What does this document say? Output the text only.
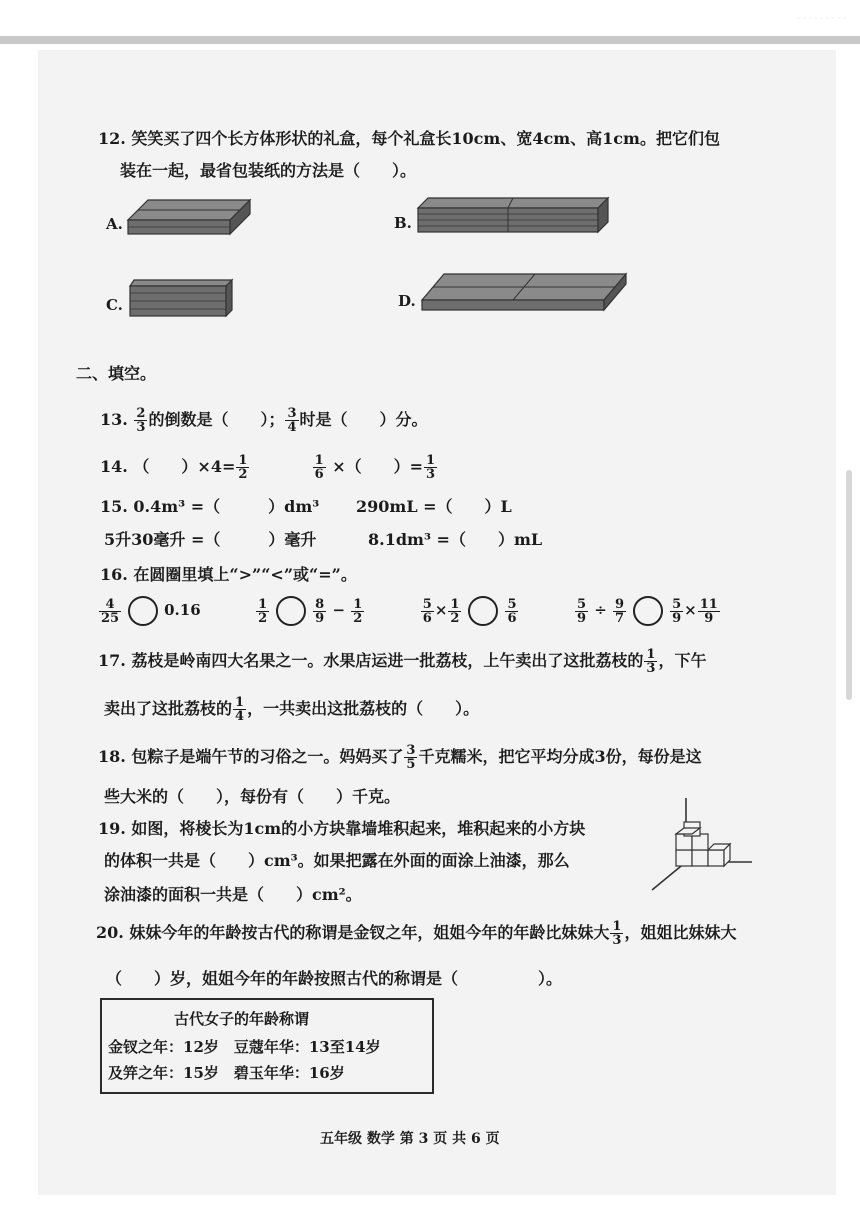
· · · · · · · · ·
12. 笑笑买了四个长方体形状的礼盒，每个礼盒长10cm、宽4cm、高1cm。把它们包
装在一起，最省包装纸的方法是（　　）。
A.	B.
C.	D.
二、填空。
13. $\frac{2}{3}$ 的倒数是（　　）； $\frac{3}{4}$ 时是（　　）分。
14. （　　）$\times 4= \frac{1}{2}$
	$\frac{1}{6}$ ×（　　）= $\frac{1}{3}$
15. 0.4m³ =（　　　）dm³ 290mL =（　　）L
5升30毫升 =（　　　）毫升	8.1dm³ =（　　）mL
16. 在圆圈里填上“>”“<”或“=”。
$\frac{4}{25}$	0.16	$\frac{1}{2}$	$\frac{8}{9} - \frac{1}{2}$
	$\frac{5}{6} \times \frac{1}{2}$	$\frac{5}{6}$
	$\frac{5}{9} \div \frac{9}{7}$	$\frac{5}{9} \times \frac{11}{9}$
17. 荔枝是岭南四大名果之一。水果店运进一批荔枝，上午卖出了这批荔枝的 $\frac{1}{3}$ ，下午
卖出了这批荔枝的 $\frac{1}{4}$ ，一共卖出这批荔枝的（　　）。
18. 包粽子是端午节的习俗之一。妈妈买了 $\frac{3}{5}$ 千克糯米，把它平均分成3份，每份是这
些大米的（　　），每份有（　　）千克。
19. 如图，将棱长为1cm的小方块靠墙堆积起来，堆积起来的小方块
的体积一共是（　　）cm³。如果把露在外面的面涂上油漆，那么
涂油漆的面积一共是（　　）cm²。
20. 妹妹今年的年龄按古代的称谓是金钗之年，姐姐今年的年龄比妹妹大 $\frac{1}{3}$ ，姐姐比妹妹大
（　　）岁，姐姐今年的年龄按照古代的称谓是（　　　　　）。
古代女子的年龄称谓
金钗之年：12岁　豆蔻年华：13至14岁
及笄之年：15岁　碧玉年华：16岁
五年级 数学 第 3 页 共 6 页
